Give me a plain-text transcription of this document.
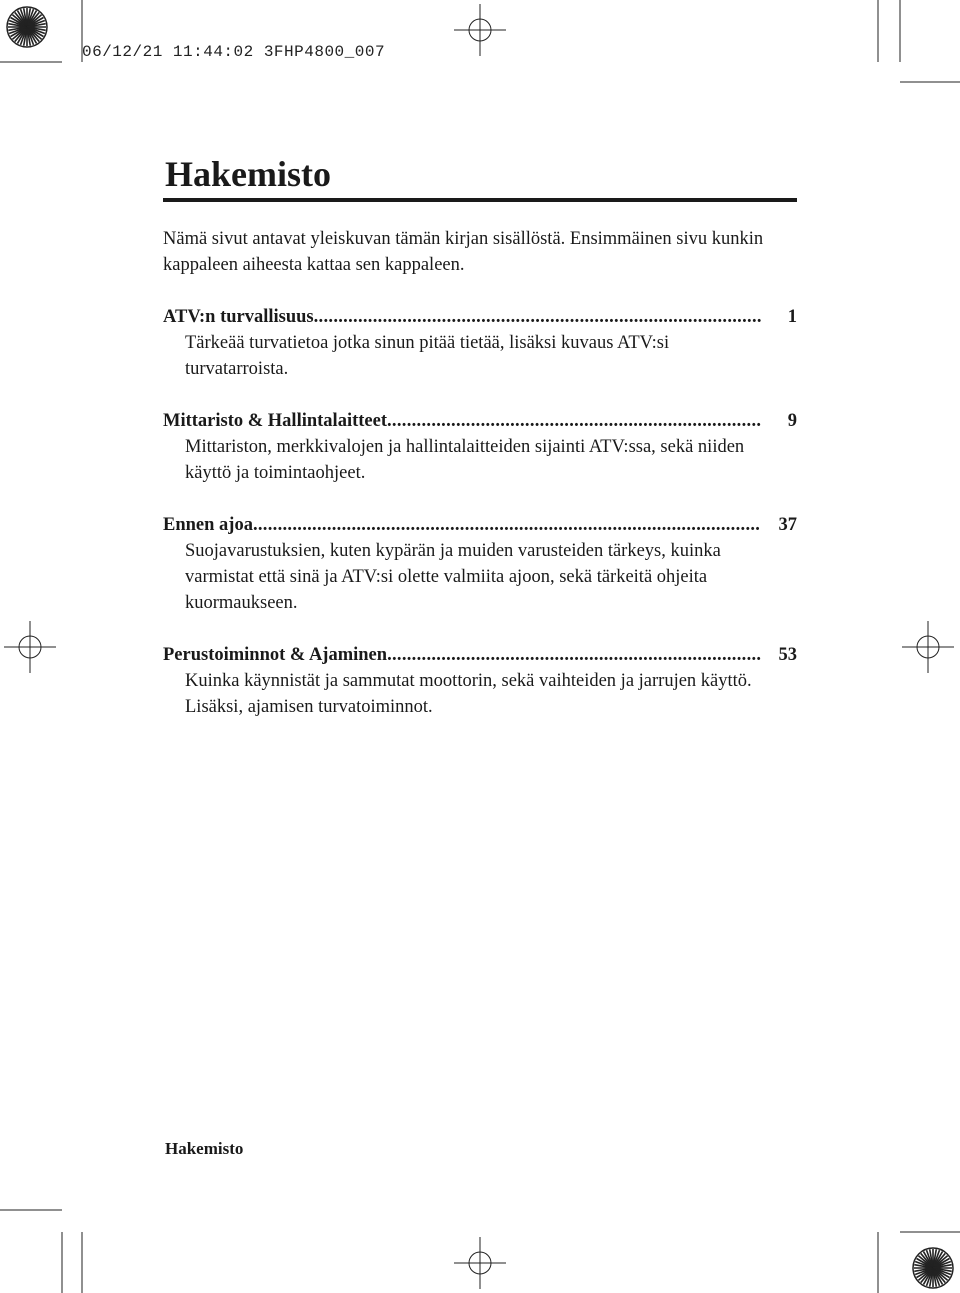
06/12/21 11:44:02 3FHP4800_007
Hakemisto

Nämä sivut antavat yleiskuvan tämän kirjan sisällöstä. Ensimmäinen sivu kunkin kappaleen aiheesta kattaa sen kappaleen.

ATV:n turvallisuus .....	1

Tärkeää turvatietoa jotka sinun pitää tietää, lisäksi kuvaus ATV:si turvatarroista.

Mittaristo & Hallintalaitteet .....	9

Mittariston, merkkivalojen ja hallintalaitteiden sijainti ATV:ssa, sekä niiden käyttö ja toimintaohjeet.

Ennen ajoa .....	37

Suojavarustuksien, kuten kypärän ja muiden varusteiden tärkeys, kuinka varmistat että sinä ja ATV:si olette valmiita ajoon, sekä tärkeitä ohjeita kuormaukseen.

Perustoiminnot & Ajaminen .....	53

Kuinka käynnistät ja sammutat moottorin, sekä vaihteiden ja jarrujen käyttö. Lisäksi, ajamisen turvatoiminnot.

Hakemisto
